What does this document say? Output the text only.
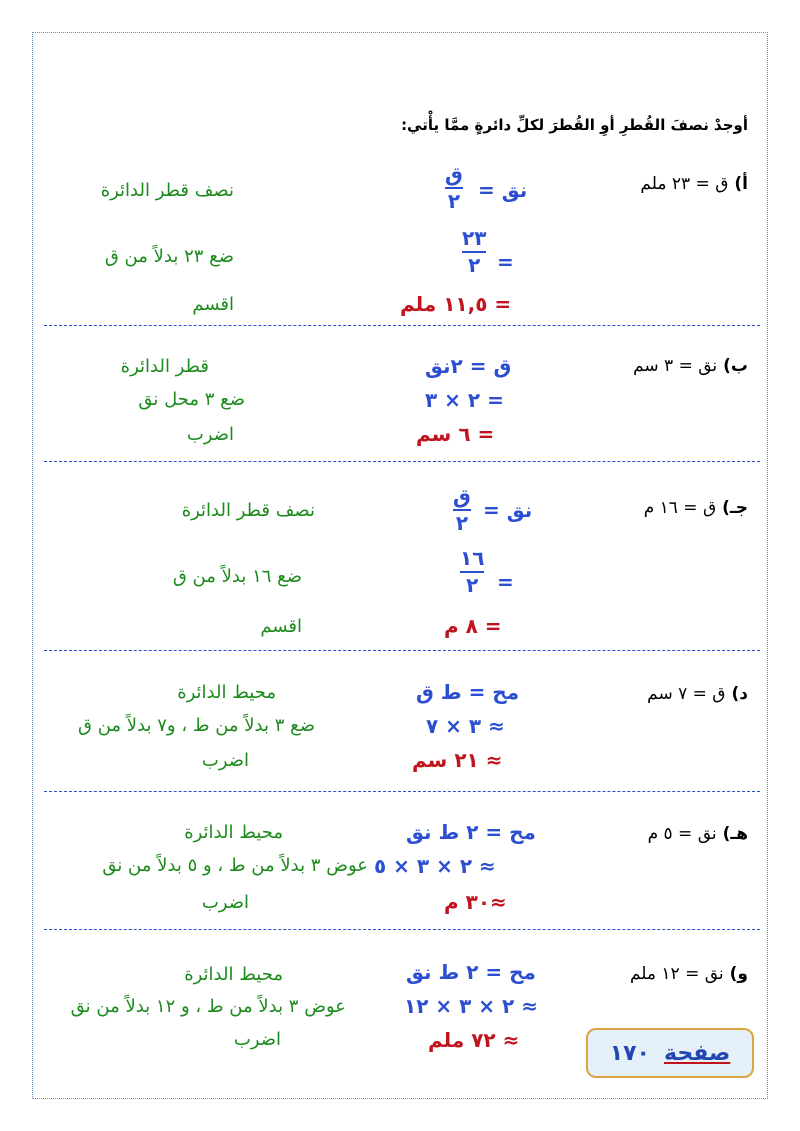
أوجدْ نصفَ القُطرِ أوِ القُطرَ لكلِّ دائرةٍ ممَّا يأْتي:
أ)ق = ٢٣ ملم
ق
٢ نق =
نصف قطر الدائرة
=
٢٣
٢
ضع ٢٣ بدلاً من ق
= ١١,٥ ملم
اقسم
ب)نق = ٣ سم
ق = ٢نق
قطر الدائرة
= ٢ × ٣
ضع ٣ محل نق
= ٦ سم
اضرب
جـ)ق = ١٦ م
ق
٢
نق =
نصف قطر الدائرة
=
١٦
٢
ضع ١٦ بدلاً من ق
= ٨ م
اقسم
د)ق = ٧ سم
مح = ط ق
محيط الدائرة
≈ ٣ × ٧
ضع ٣ بدلاً من ط ، و٧ بدلاً من ق
≈ ٢١ سم
اضرب
هـ)نق = ٥ م
مح = ٢ ط نق
محيط الدائرة
≈ ٢ × ٣ × ٥
عوض ٣ بدلاً من ط ، و ٥ بدلاً من نق
≈٣٠ م
اضرب
و)نق = ١٢ ملم
مح = ٢ ط نق
محيط الدائرة
≈ ٢ × ٣ × ١٢
عوض ٣ بدلاً من ط ، و ١٢ بدلاً من نق
≈ ٧٢ ملم
اضرب
صفحة
١٧٠
